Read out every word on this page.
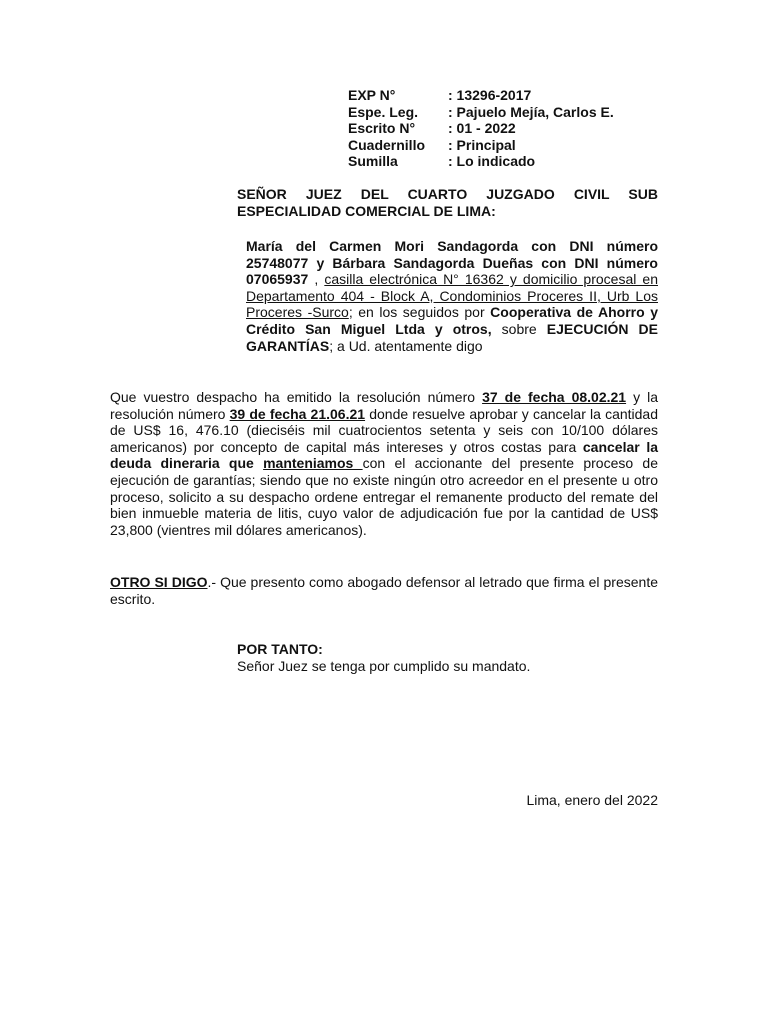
EXP N°	: 13296-2017
Espe. Leg.	: Pajuelo Mejía, Carlos E.
Escrito N°	: 01 - 2022
Cuadernillo	: Principal
Sumilla	: Lo indicado

SEÑOR JUEZ DEL CUARTO JUZGADO CIVIL SUB ESPECIALIDAD COMERCIAL DE LIMA:

María del Carmen Mori Sandagorda con DNI número 25748077 y Bárbara Sandagorda Dueñas con DNI número 07065937 , casilla electrónica N° 16362 y domicilio procesal en Departamento 404 - Block A, Condominios Proceres II, Urb Los Proceres -Surco; en los seguidos por Cooperativa de Ahorro y Crédito San Miguel Ltda y otros, sobre EJECUCIÓN DE GARANTÍAS; a Ud. atentamente digo

Que vuestro despacho ha emitido la resolución número 37 de fecha 08.02.21 y la resolución número 39 de fecha 21.06.21 donde resuelve aprobar y cancelar la cantidad de US$ 16, 476.10 (dieciséis mil cuatrocientos setenta y seis con 10/100 dólares americanos) por concepto de capital más intereses y otros costas para cancelar la deuda dineraria que manteniamos con el accionante del presente proceso de ejecución de garantías; siendo que no existe ningún otro acreedor en el presente u otro proceso, solicito a su despacho ordene entregar el remanente producto del remate del bien inmueble materia de litis, cuyo valor de adjudicación fue por la cantidad de US$ 23,800 (vientres mil dólares americanos).

OTRO SI DIGO.- Que presento como abogado defensor al letrado que firma el presente escrito.

POR TANTO:

Señor Juez se tenga por cumplido su mandato.

Lima, enero del 2022
